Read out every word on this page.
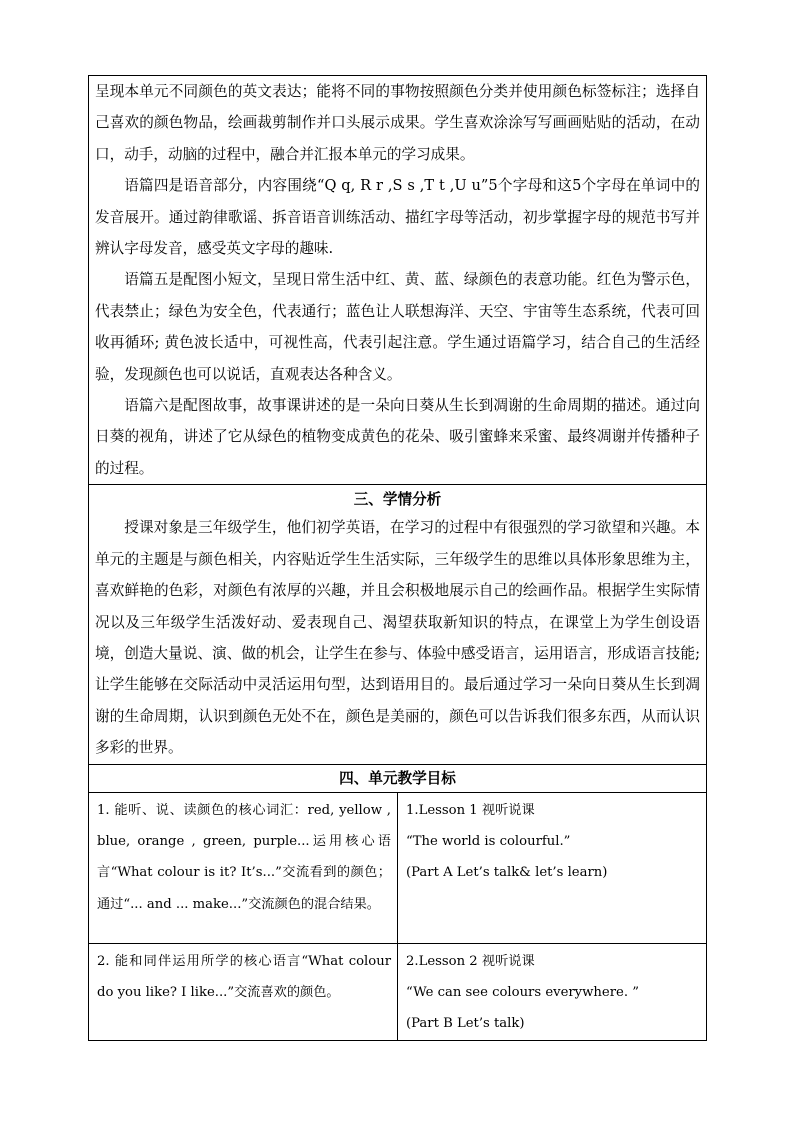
呈现本单元不同颜色的英文表达；能将不同的事物按照颜色分类并使用颜色标签标注；选择自己喜欢的颜色物品，绘画裁剪制作并口头展示成果。学生喜欢涂涂写写画画贴贴的活动，在动口，动手，动脑的过程中，融合并汇报本单元的学习成果。

语篇四是语音部分，内容围绕“Q q, R r ,S s ,T t ,U u”5个字母和这5个字母在单词中的发音展开。通过韵律歌谣、拆音语音训练活动、描红字母等活动，初步掌握字母的规范书写并辨认字母发音，感受英文字母的趣味.

语篇五是配图小短文，呈现日常生活中红、黄、蓝、绿颜色的表意功能。红色为警示色，代表禁止；绿色为安全色，代表通行；蓝色让人联想海洋、天空、宇宙等生态系统，代表可回收再循环; 黄色波长适中，可视性高，代表引起注意。学生通过语篇学习，结合自己的生活经验，发现颜色也可以说话，直观表达各种含义。

语篇六是配图故事，故事课讲述的是一朵向日葵从生长到凋谢的生命周期的描述。通过向日葵的视角，讲述了它从绿色的植物变成黄色的花朵、吸引蜜蜂来采蜜、最终凋谢并传播种子的过程。	

三、学情分析

授课对象是三年级学生，他们初学英语，在学习的过程中有很强烈的学习欲望和兴趣。本单元的主题是与颜色相关，内容贴近学生生活实际，三年级学生的思维以具体形象思维为主，喜欢鲜艳的色彩，对颜色有浓厚的兴趣，并且会积极地展示自己的绘画作品。根据学生实际情况以及三年级学生活泼好动、爱表现自己、渴望获取新知识的特点，在课堂上为学生创设语境，创造大量说、演、做的机会，让学生在参与、体验中感受语言，运用语言，形成语言技能; 让学生能够在交际活动中灵活运用句型，达到语用目的。最后通过学习一朵向日葵从生长到凋谢的生命周期，认识到颜色无处不在，颜色是美丽的，颜色可以告诉我们很多东西，从而认识多彩的世界。	

四、单元教学目标	

1. 能听、说、读颜色的核心词汇：red, yellow , blue, orange , green, purple...运用核心语言“What colour is it? It’s...”交流看到的颜色；通过“... and ... make...”交流颜色的混合结果。	1.Lesson 1 视听说课

“The world is colourful.”

(Part A Let’s talk& let’s learn)

2. 能和同伴运用所学的核心语言“What colour do you like? I like...”交流喜欢的颜色。	2.Lesson 2 视听说课

“We can see colours everywhere. ”

(Part B Let’s talk)
